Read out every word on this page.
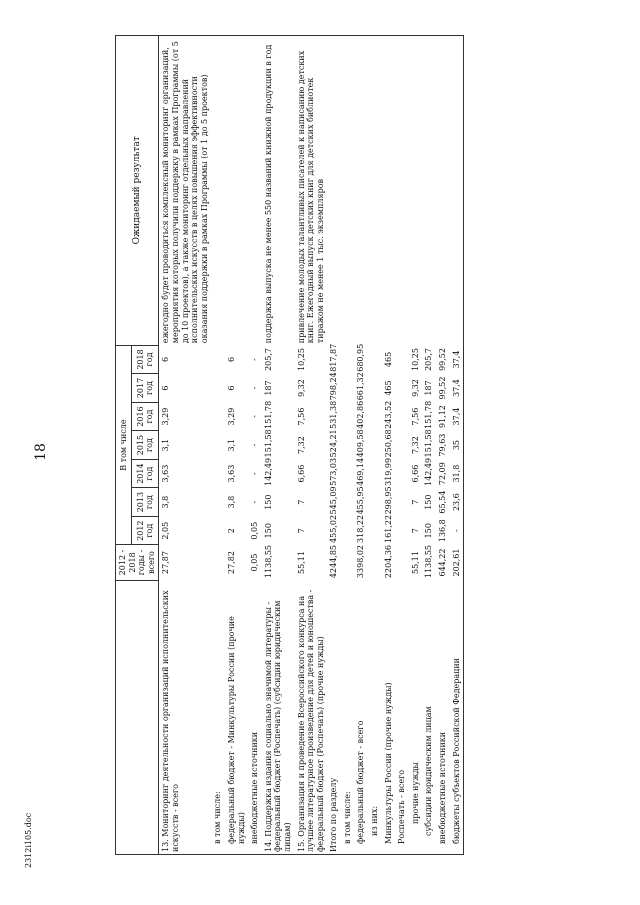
18
2312i105.doc
	2012 - 2018 годы - всего	В том числе							Ожидаемый результат
		2012 год	2013 год	2014 год	2015 год	2016 год	2017 год	2018 год	
13. Мониторинг деятельности организаций исполнительских искусств - всего	27,87	2,05	3,8	3,63	3,1	3,29	6	6	ежегодно будет проводиться комплексный мониторинг организаций, мероприятия которых получили поддержку в рамках Программы (от 5 до 10 проектов), а также мониторинг отдельных направлений исполнительских искусств в целях повышения эффективности оказания поддержки в рамках Программы (от 1 до 5 проектов)
в том числе:									
федеральный бюджет - Минкультуры России (прочие нужды)	27,82	2	3,8	3,63	3,1	3,29	6	6	
внебюджетные источники	0,05	0,05	-	-	-	-	-	-	
14. Поддержка издания социально значимой литературы - федеральный бюджет (Роспечать) (субсидии юридическим лицам)	1138,55	150	150	142,49	151,58	151,78	187	205,7	поддержка выпуска не менее 550 названий книжной продукции в год
15. Организация и проведение Всероссийского конкурса на лучшее литературное произведение для детей и юношества - федеральный бюджет (Роспечать) (прочие нужды)	55,11	7	7	6,66	7,32	7,56	9,32	10,25	привлечение молодых талантливых писателей к написанию детских книг. Ежегодный выпуск детских книг для детских библиотек тиражом не менее 1 тыс. экземпляров
Итого по разделу	4244,85	455,02	545,09	573,03	524,21	531,38	798,24	817,87	
в том числе:									
федеральный бюджет - всего	3398,02	318,22	455,95	469,14	409,58	402,86	661,32	680,95	
из них:									
Минкультуры России (прочие нужды)	2204,36	161,22	298,95	319,99	250,68	243,52	465	465	
Роспечать - всего									
прочие нужды	55,11	7	7	6,66	7,32	7,56	9,32	10,25	
субсидии юридическим лицам	1138,55	150	150	142,49	151,58	151,78	187	205,7	
внебюджетные источники	644,22	136,8	65,54	72,09	79,63	91,12	99,52	99,52	
бюджеты субъектов Российской Федерации	202,61	-	23,6	31,8	35	37,4	37,4	37,4	
